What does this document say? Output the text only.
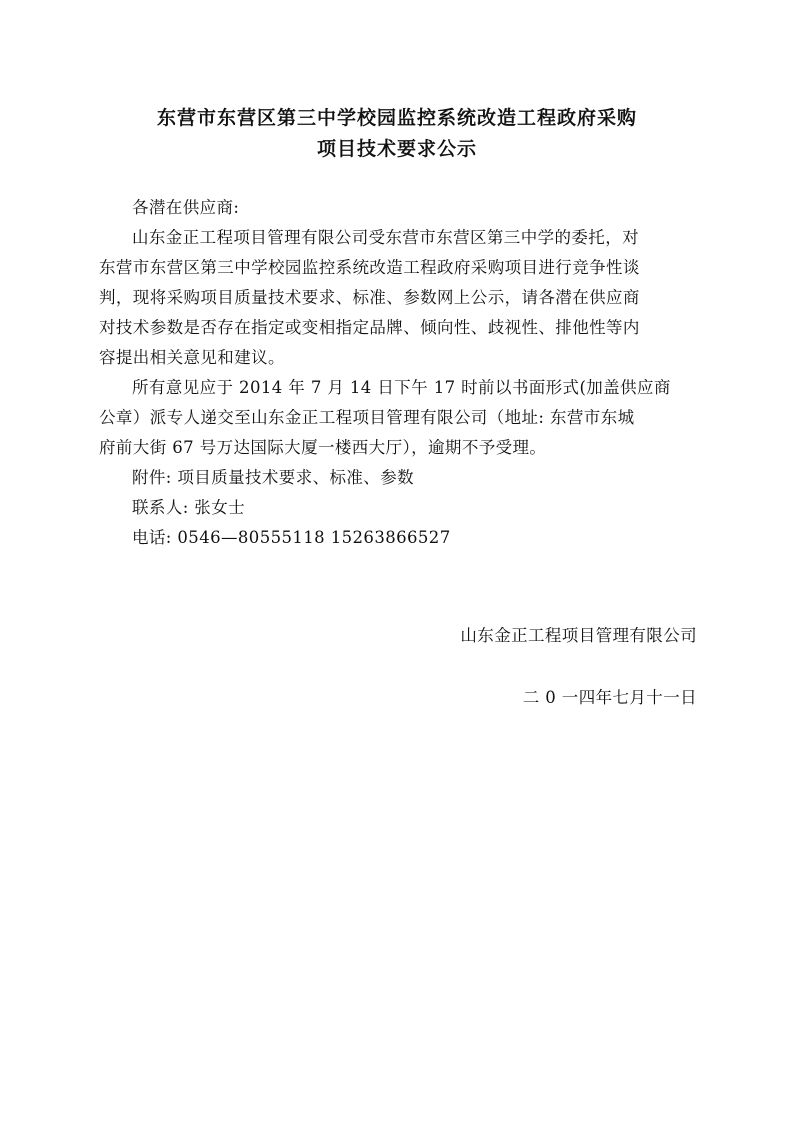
东营市东营区第三中学校园监控系统改造工程政府采购
项目技术要求公示
各潜在供应商:
山东金正工程项目管理有限公司受东营市东营区第三中学的委托，对
东营市东营区第三中学校园监控系统改造工程政府采购项目进行竞争性谈
判，现将采购项目质量技术要求、标准、参数网上公示，请各潜在供应商
对技术参数是否存在指定或变相指定品牌、倾向性、歧视性、排他性等内
容提出相关意见和建议。
所有意见应于 2014 年 7 月 14 日下午 17 时前以书面形式(加盖供应商
公章）派专人递交至山东金正工程项目管理有限公司（地址: 东营市东城
府前大街 67 号万达国际大厦一楼西大厅），逾期不予受理。
附件: 项目质量技术要求、标准、参数
联系人: 张女士
电话: 0546—80555118 15263866527
山东金正工程项目管理有限公司
二 0 一四年七月十一日
